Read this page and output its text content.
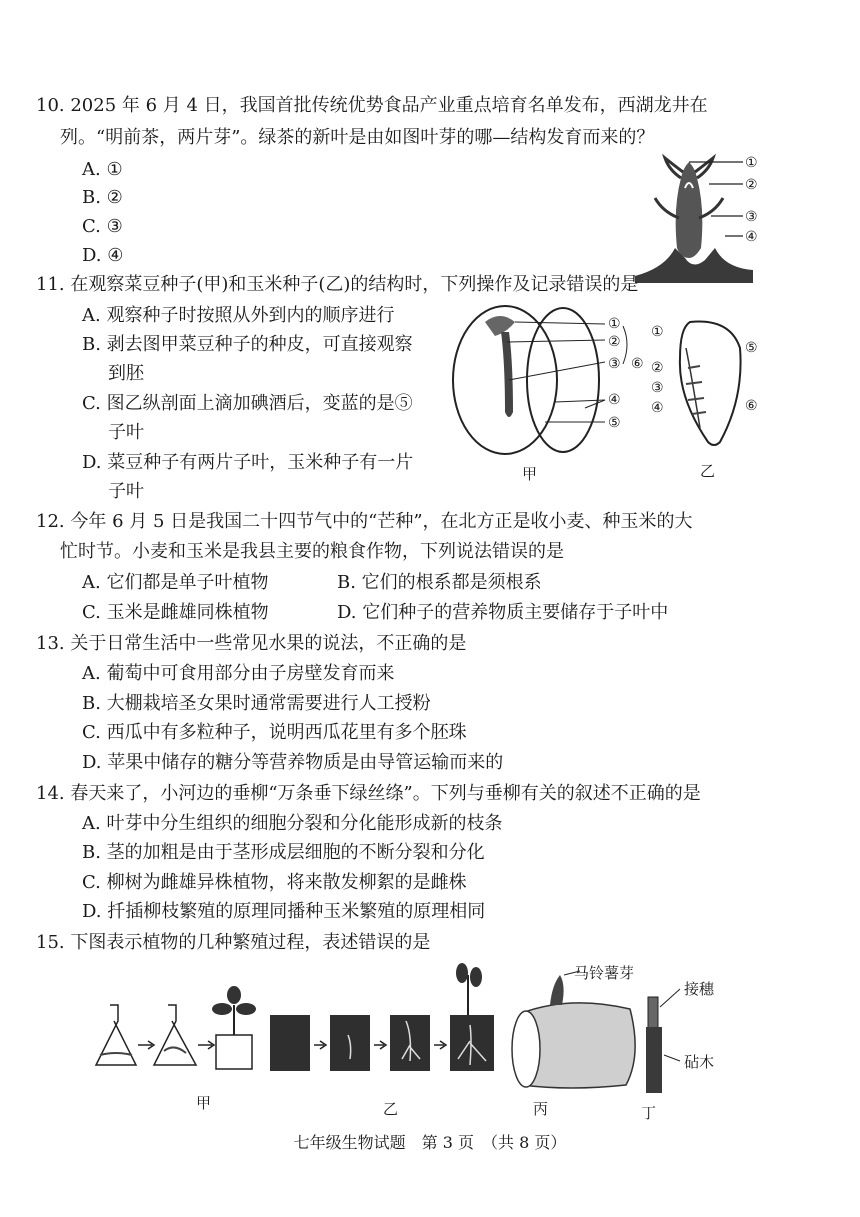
10. 2025 年 6 月 4 日，我国首批传统优势食品产业重点培育名单发布，西湖龙井在
列。“明前茶，两片芽”。绿茶的新叶是由如图叶芽的哪—结构发育而来的？
A. ①
B. ②
C. ③
D. ④
①
②
③
④
11. 在观察菜豆种子(甲)和玉米种子(乙)的结构时，下列操作及记录错误的是
A. 观察种子时按照从外到内的顺序进行
B. 剥去图甲菜豆种子的种皮，可直接观察
到胚
C. 图乙纵剖面上滴加碘酒后，变蓝的是⑤
子叶
D. 菜豆种子有两片子叶，玉米种子有一片
子叶
①
②
③
④
⑤
⑥
甲
①
②
③
④
⑤
⑥
乙
12. 今年 6 月 5 日是我国二十四节气中的“芒种”，在北方正是收小麦、种玉米的大
忙时节。小麦和玉米是我县主要的粮食作物，下列说法错误的是
A. 它们都是单子叶植物	B. 它们的根系都是须根系
C. 玉米是雌雄同株植物	D. 它们种子的营养物质主要储存于子叶中
13. 关于日常生活中一些常见水果的说法，不正确的是
A. 葡萄中可食用部分由子房壁发育而来
B. 大棚栽培圣女果时通常需要进行人工授粉
C. 西瓜中有多粒种子，说明西瓜花里有多个胚珠
D. 苹果中储存的糖分等营养物质是由导管运输而来的
14. 春天来了，小河边的垂柳“万条垂下绿丝绦”。下列与垂柳有关的叙述不正确的是
A. 叶芽中分生组织的细胞分裂和分化能形成新的枝条
B. 茎的加粗是由于茎形成层细胞的不断分裂和分化
C. 柳树为雌雄异株植物，将来散发柳絮的是雌株
D. 扦插柳枝繁殖的原理同播种玉米繁殖的原理相同
15. 下图表示植物的几种繁殖过程，表述错误的是
马铃薯芽
接穗
砧木
甲	乙	丙	丁
七年级生物试题　第 3 页　（共 8 页）
